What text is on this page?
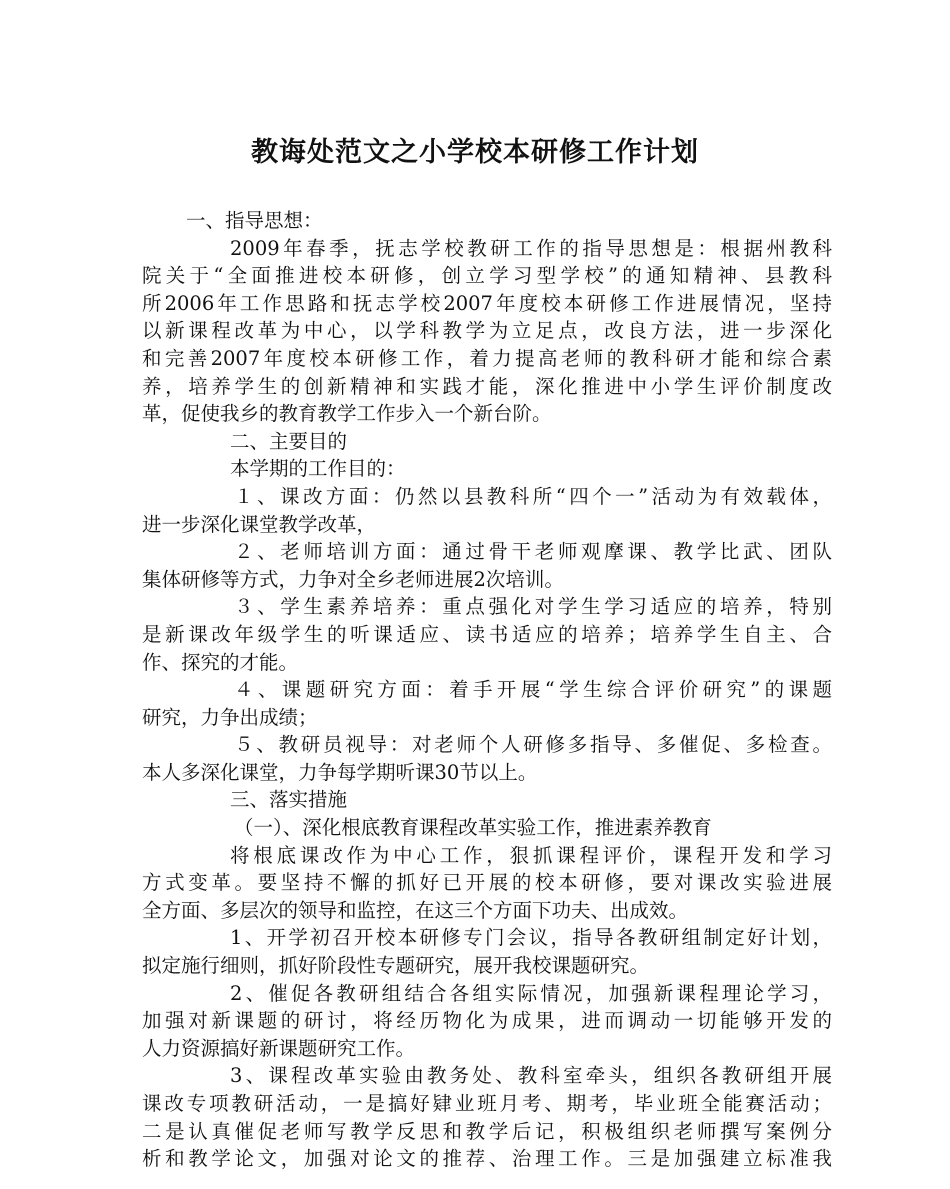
教诲处范文之小学校本研修工作计划
一、指导思想：
2009年春季，抚志学校教研工作的指导思想是：根据州教科
院关于“全面推进校本研修，创立学习型学校”的通知精神、县教科
所2006年工作思路和抚志学校2007年度校本研修工作进展情况，坚持
以新课程改革为中心，以学科教学为立足点，改良方法，进一步深化
和完善2007年度校本研修工作，着力提高老师的教科研才能和综合素
养，培养学生的创新精神和实践才能，深化推进中小学生评价制度改
革，促使我乡的教育教学工作步入一个新台阶。
二、主要目的
本学期的工作目的：
１、课改方面：仍然以县教科所“四个一”活动为有效载体，
进一步深化课堂教学改革，
２、老师培训方面：通过骨干老师观摩课、教学比武、团队
集体研修等方式，力争对全乡老师进展2次培训。
３、学生素养培养：重点强化对学生学习适应的培养，特别
是新课改年级学生的听课适应、读书适应的培养；培养学生自主、合
作、探究的才能。
４、课题研究方面：着手开展“学生综合评价研究”的课题
研究，力争出成绩；
５、教研员视导：对老师个人研修多指导、多催促、多检查。
本人多深化课堂，力争每学期听课30节以上。
三、落实措施
（一）、深化根底教育课程改革实验工作，推进素养教育
将根底课改作为中心工作，狠抓课程评价，课程开发和学习
方式变革。要坚持不懈的抓好已开展的校本研修，要对课改实验进展
全方面、多层次的领导和监控，在这三个方面下功夫、出成效。
1、开学初召开校本研修专门会议，指导各教研组制定好计划，
拟定施行细则，抓好阶段性专题研究，展开我校课题研究。
2、催促各教研组结合各组实际情况，加强新课程理论学习，
加强对新课题的研讨，将经历物化为成果，进而调动一切能够开发的
人力资源搞好新课题研究工作。
3、课程改革实验由教务处、教科室牵头，组织各教研组开展
课改专项教研活动，一是搞好肄业班月考、期考，毕业班全能赛活动；
二是认真催促老师写教学反思和教学后记，积极组织老师撰写案例分
析和教学论文，加强对论文的推荐、治理工作。三是加强建立标准我
